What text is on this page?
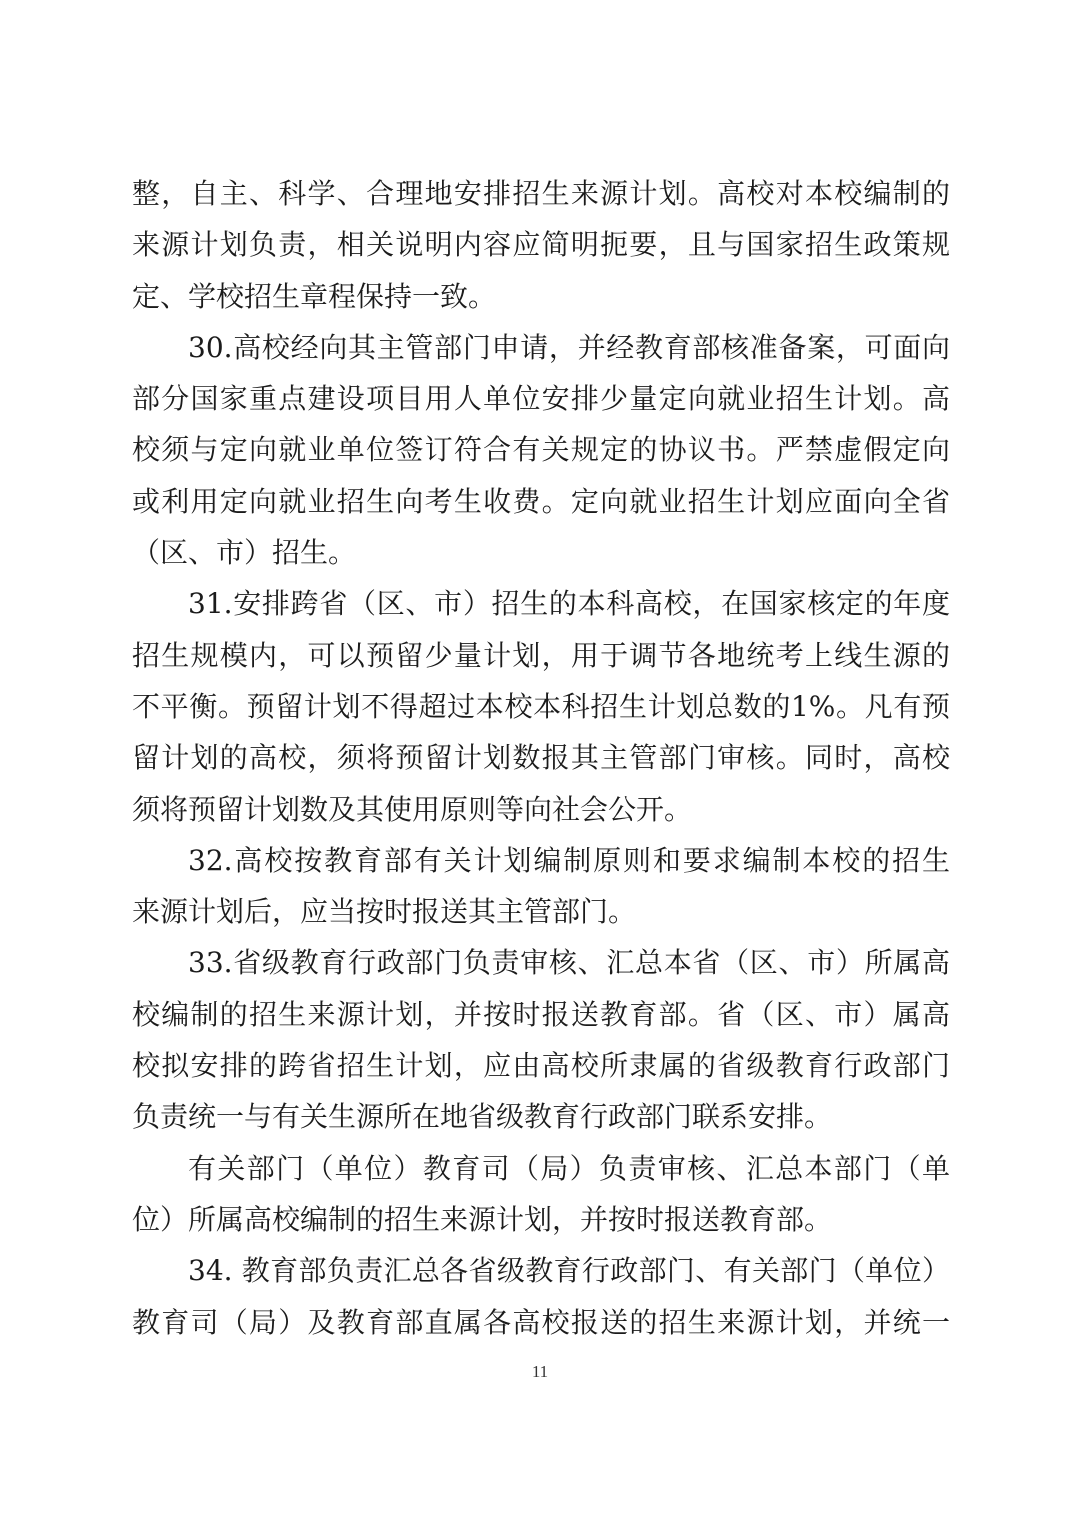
整，自主、科学、合理地安排招生来源计划。高校对本校编制的
来源计划负责，相关说明内容应简明扼要，且与国家招生政策规
定、学校招生章程保持一致。
30.高校经向其主管部门申请，并经教育部核准备案，可面向
部分国家重点建设项目用人单位安排少量定向就业招生计划。高
校须与定向就业单位签订符合有关规定的协议书。严禁虚假定向
或利用定向就业招生向考生收费。定向就业招生计划应面向全省
（区、市）招生。
31.安排跨省（区、市）招生的本科高校，在国家核定的年度
招生规模内，可以预留少量计划，用于调节各地统考上线生源的
不平衡。预留计划不得超过本校本科招生计划总数的1%。凡有预
留计划的高校，须将预留计划数报其主管部门审核。同时，高校
须将预留计划数及其使用原则等向社会公开。
32.高校按教育部有关计划编制原则和要求编制本校的招生
来源计划后，应当按时报送其主管部门。
33.省级教育行政部门负责审核、汇总本省（区、市）所属高
校编制的招生来源计划，并按时报送教育部。省（区、市）属高
校拟安排的跨省招生计划，应由高校所隶属的省级教育行政部门
负责统一与有关生源所在地省级教育行政部门联系安排。
有关部门（单位）教育司（局）负责审核、汇总本部门（单
位）所属高校编制的招生来源计划，并按时报送教育部。
34. 教育部负责汇总各省级教育行政部门、有关部门（单位）
教育司（局）及教育部直属各高校报送的招生来源计划，并统一
11
